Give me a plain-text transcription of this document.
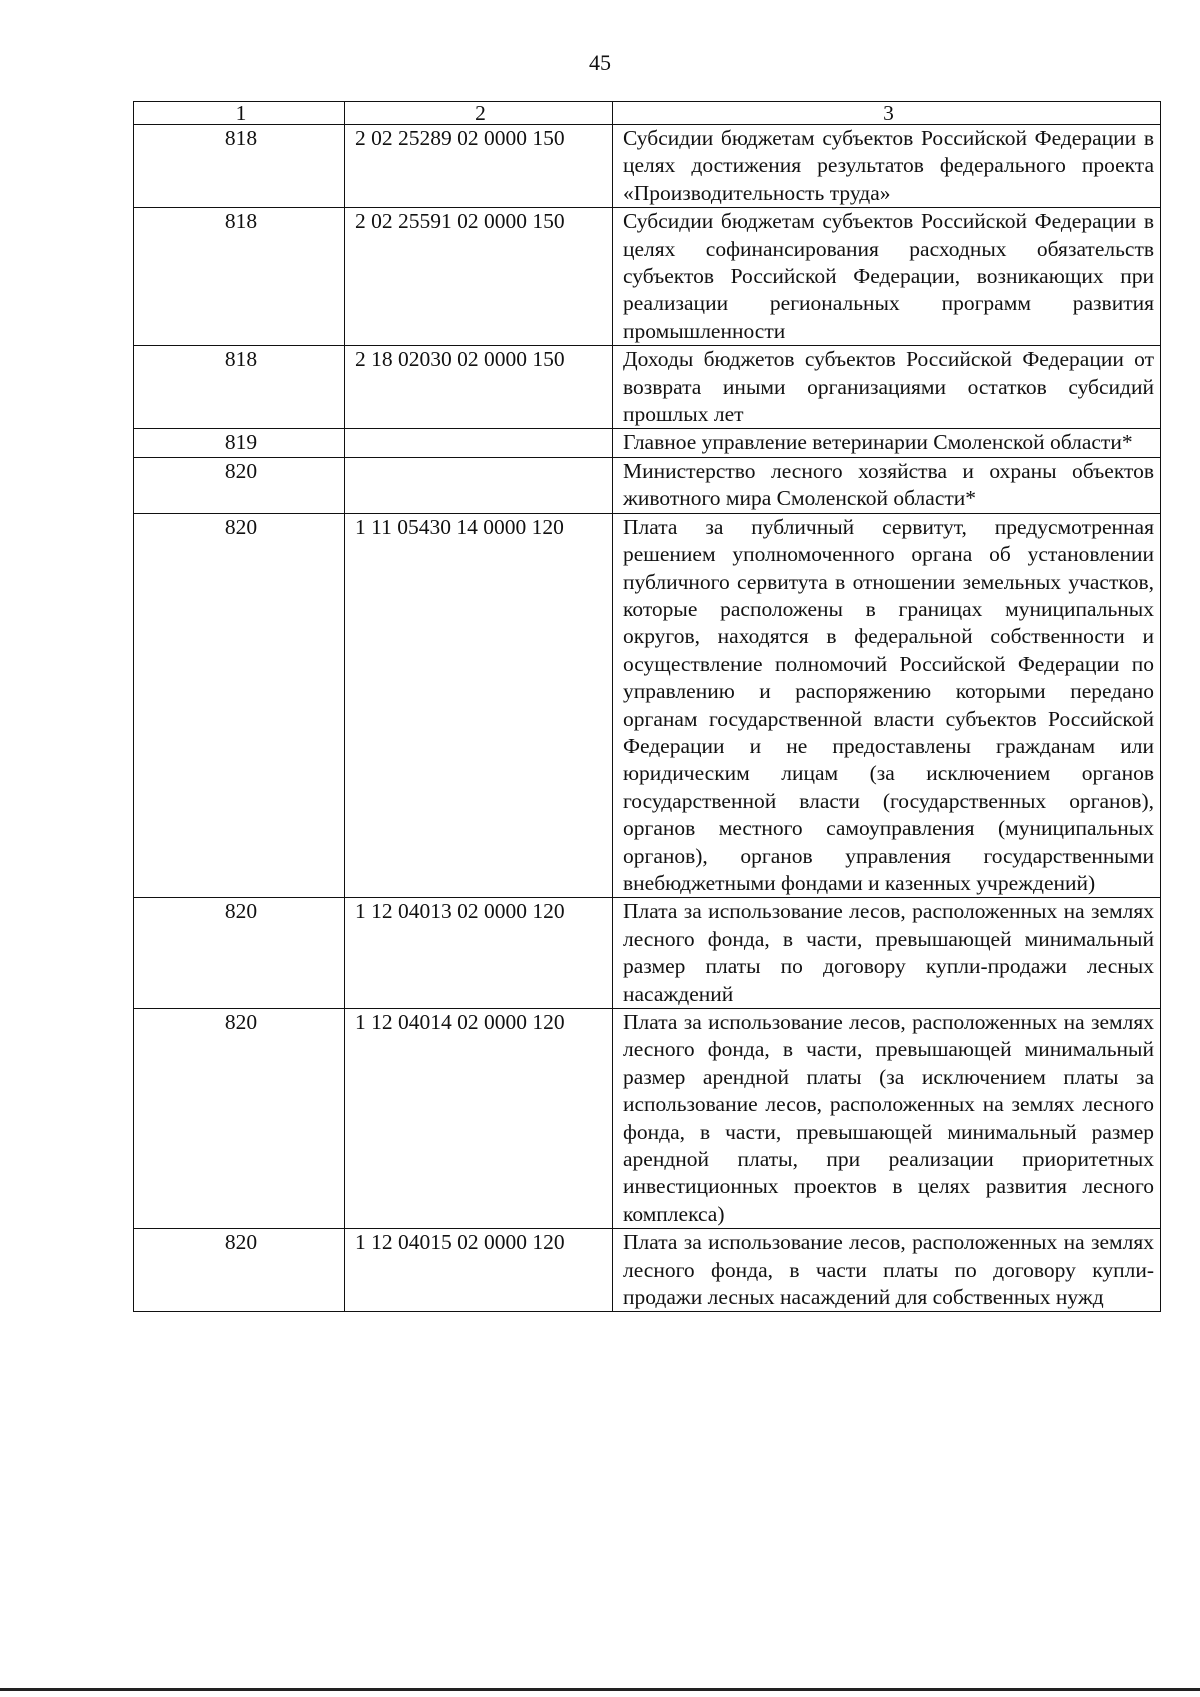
45
1	2	3
818	2 02 25289 02 0000 150	Субсидии бюджетам субъектов Российской Федерации в целях достижения результатов федерального проекта «Производительность труда»
818	2 02 25591 02 0000 150	Субсидии бюджетам субъектов Российской Федерации в целях софинансирования расходных обязательств субъектов Российской Федерации, возникающих при реализации региональных программ развития промышленности
818	2 18 02030 02 0000 150	Доходы бюджетов субъектов Российской Федерации от возврата иными организациями остатков субсидий прошлых лет
819		Главное управление ветеринарии Смоленской области*
820		Министерство лесного хозяйства и охраны объектов животного мира Смоленской области*
820	1 11 05430 14 0000 120	Плата за публичный сервитут, предусмотренная решением уполномоченного органа об установлении публичного сервитута в отношении земельных участков, которые расположены в границах муниципальных округов, находятся в федеральной собственности и осуществление полномочий Российской Федерации по управлению и распоряжению которыми передано органам государственной власти субъектов Российской Федерации и не предоставлены гражданам или юридическим лицам (за исключением органов государственной власти (государственных органов), органов местного самоуправления (муниципальных органов), органов управления государственными внебюджетными фондами и казенных учреждений)
820	1 12 04013 02 0000 120	Плата за использование лесов, расположенных на землях лесного фонда, в части, превышающей минимальный размер платы по договору купли-продажи лесных насаждений
820	1 12 04014 02 0000 120	Плата за использование лесов, расположенных на землях лесного фонда, в части, превышающей минимальный размер арендной платы (за исключением платы за использование лесов, расположенных на землях лесного фонда, в части, превышающей минимальный размер арендной платы, при реализации приоритетных инвестиционных проектов в целях развития лесного комплекса)
820	1 12 04015 02 0000 120	Плата за использование лесов, расположенных на землях лесного фонда, в части платы по договору купли-продажи лесных насаждений для собственных нужд
